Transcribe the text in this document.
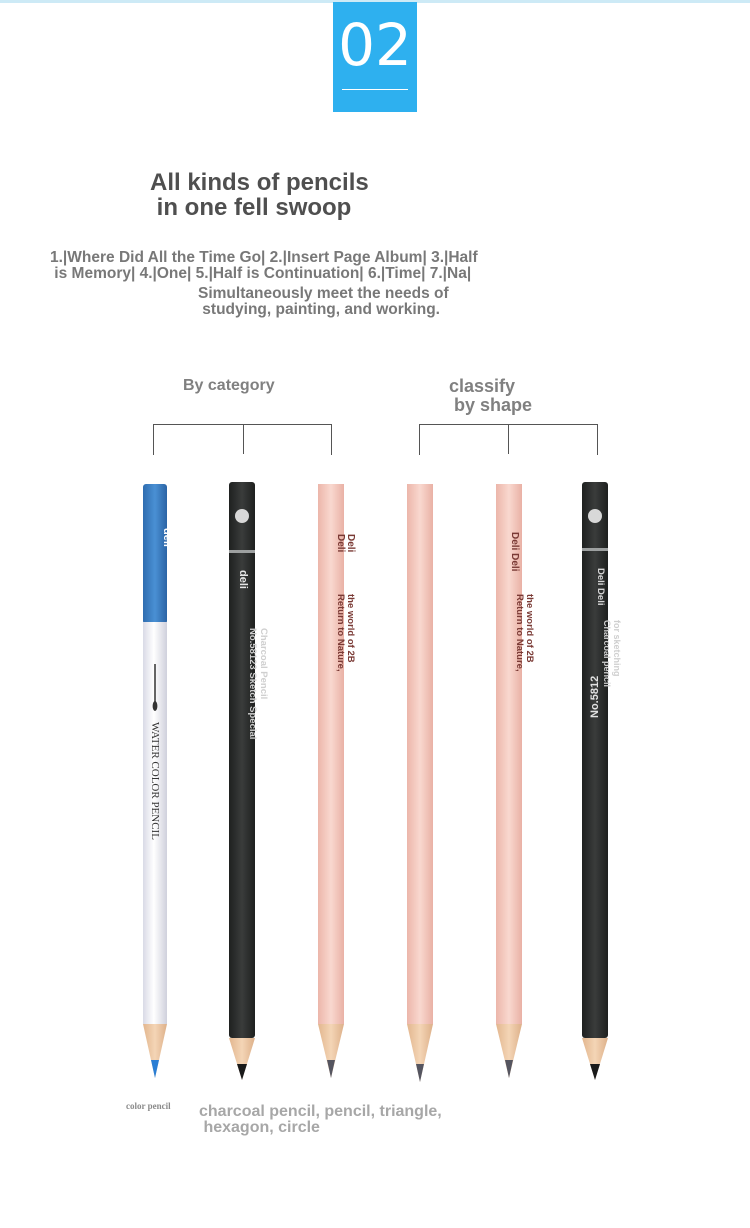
02
All kinds of pencils
in one fell swoop
1.|Where Did All the Time Go| 2.|Insert Page Album| 3.|Half
is Memory| 4.|One| 5.|Half is Continuation| 6.|Time| 7.|Na|
Simultaneously meet the needs of
studying, painting, and working.
By category	classify
by shape
deli
WATER COLOR PENCIL
deli
No.58123 Sketch Special Charcoal Pencil
Deli Deli
Return to Nature, the world of 2B
Deli Deli
Return to Nature, the world of 2B
Deli Deli
Charcoal pencil for sketching
No.5812
color pencil charcoal pencil, pencil, triangle,
hexagon, circle
